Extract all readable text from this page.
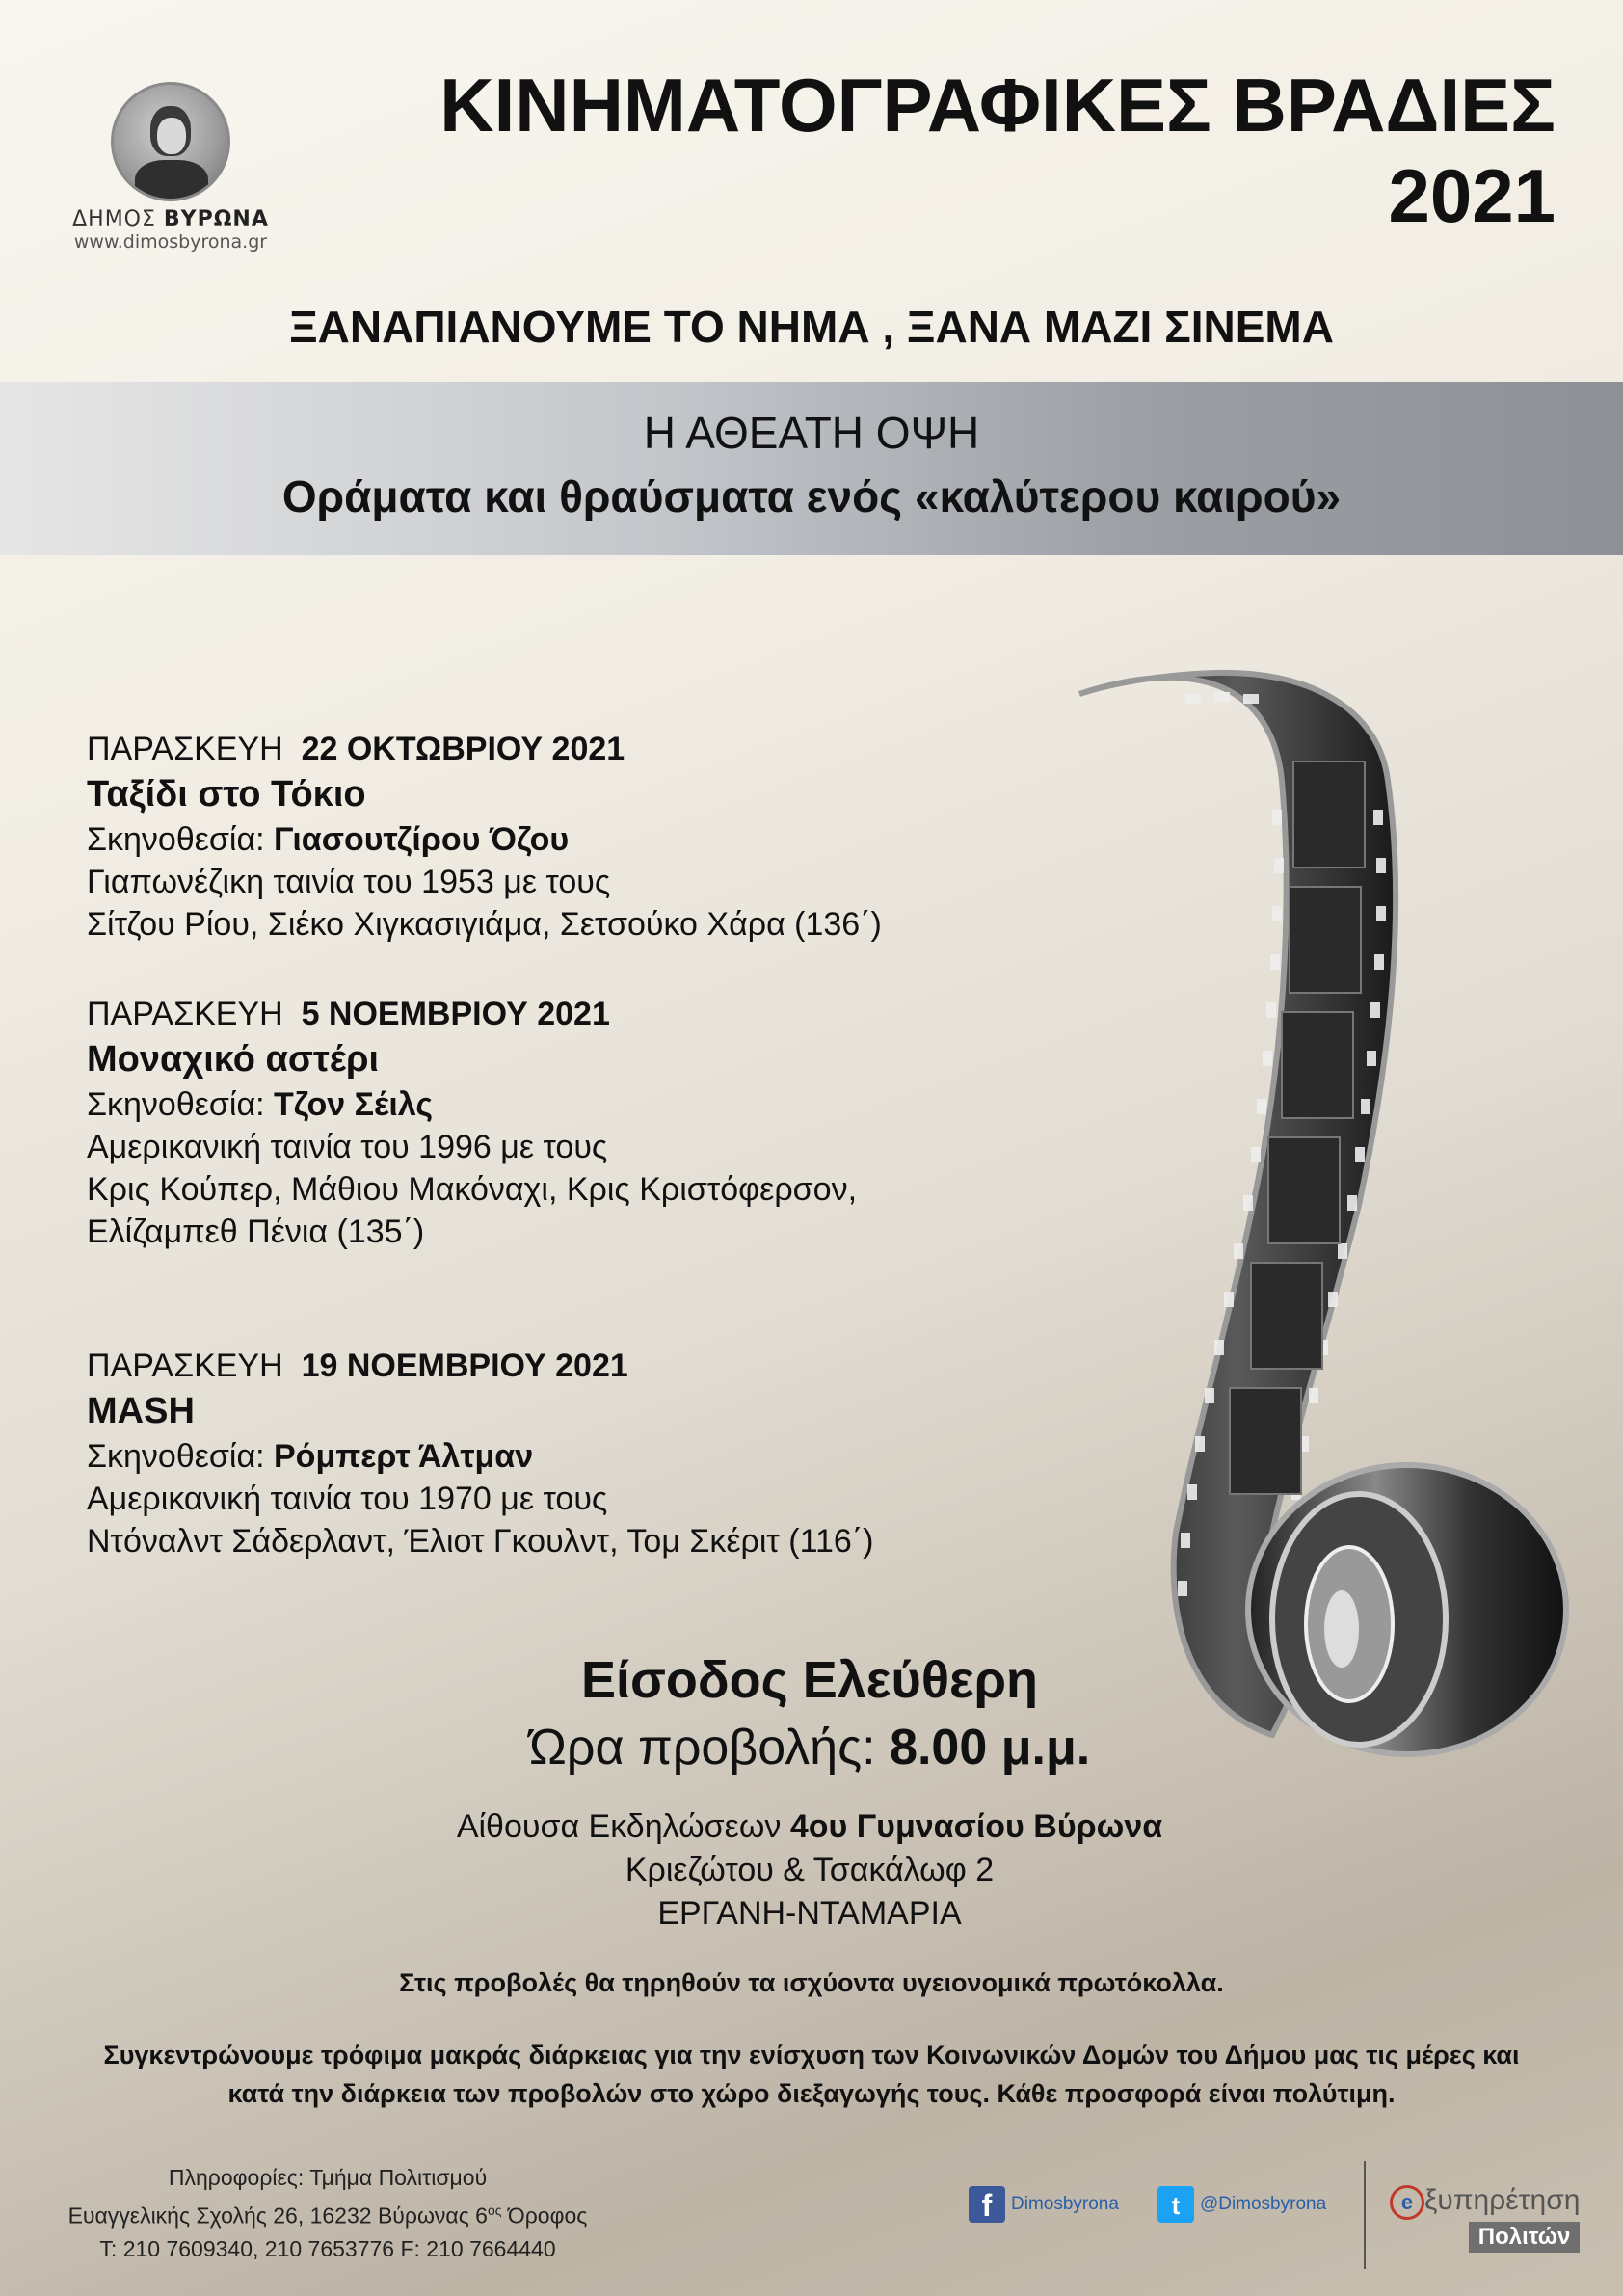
ΔΗΜΟΣ ΒΥΡΩΝΑ
www.dimosbyrona.gr
ΚΙΝΗΜΑΤΟΓΡΑΦΙΚΕΣ ΒΡΑΔΙΕΣ
2021
ΞΑΝΑΠΙΑΝΟΥΜΕ ΤΟ ΝΗΜΑ , ΞΑΝΑ ΜΑΖΙ ΣΙΝΕΜΑ
Η ΑΘΕΑΤΗ ΟΨΗ
Οράματα και θραύσματα ενός «καλύτερου καιρού»
ΠΑΡΑΣΚΕΥΗ 22 ΟΚΤΩΒΡΙΟΥ 2021
Ταξίδι στο Τόκιο
Σκηνοθεσία: Γιασουτζίρου Όζου
Γιαπωνέζικη ταινία του 1953 με τους
Σίτζου Ρίου, Σιέκο Χιγκασιγιάμα, Σετσούκο Χάρα (136΄)
ΠΑΡΑΣΚΕΥΗ 5 ΝΟΕΜΒΡΙΟΥ 2021
Μοναχικό αστέρι
Σκηνοθεσία: Τζον Σέιλς
Αμερικανική ταινία του 1996 με τους
Κρις Κούπερ, Μάθιου Μακόναχι, Κρις Κριστόφερσον,
Ελίζαμπεθ Πένια (135΄)
ΠΑΡΑΣΚΕΥΗ 19 ΝΟΕΜΒΡΙΟΥ 2021
MASH
Σκηνοθεσία: Ρόμπερτ Άλτμαν
Αμερικανική ταινία του 1970 με τους
Ντόναλντ Σάδερλαντ, Έλιοτ Γκουλντ, Τομ Σκέριτ (116΄)
Είσοδος Ελεύθερη
Ώρα προβολής: 8.00 μ.μ.
Αίθουσα Εκδηλώσεων 4ου Γυμνασίου Βύρωνα
Κριεζώτου & Τσακάλωφ 2
ΕΡΓΑΝΗ-ΝΤΑΜΑΡΙΑ
Στις προβολές θα τηρηθούν τα ισχύοντα υγειονομικά πρωτόκολλα.
Συγκεντρώνουμε τρόφιμα μακράς διάρκειας για την ενίσχυση των Κοινωνικών Δομών του Δήμου μας τις μέρες και
κατά την διάρκεια των προβολών στο χώρο διεξαγωγής τους. Κάθε προσφορά είναι πολύτιμη.
Πληροφορίες: Τμήμα Πολιτισμού
Ευαγγελικής Σχολής 26, 16232 Βύρωνας $6^{o\varsigma}$ Όροφος
Τ: 210 7609340, 210 7653776 F: 210 7664440
f	Dimosbyrona	t	@Dimosbyrona	e ξυπηρέτηση
Πολιτών
